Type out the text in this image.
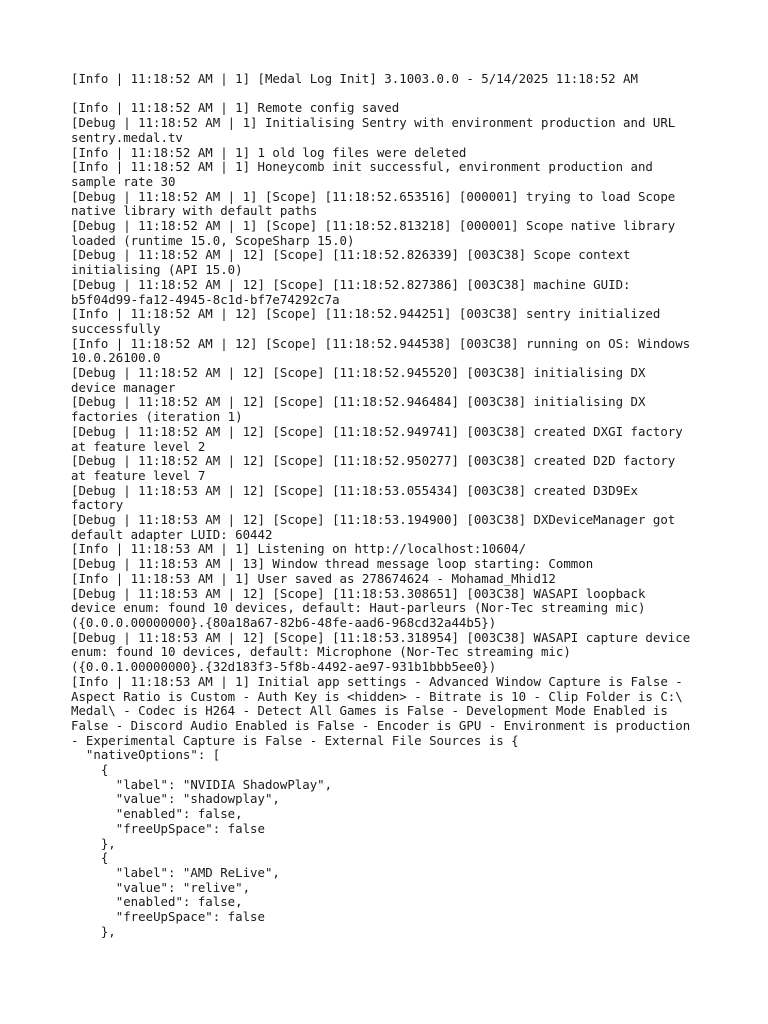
[Info | 11:18:52 AM | 1] [Medal Log Init] 3.1003.0.0 - 5/14/2025 11:18:52 AM
[Info | 11:18:52 AM | 1] Remote config saved
[Debug | 11:18:52 AM | 1] Initialising Sentry with environment production and URL
sentry.medal.tv
[Info | 11:18:52 AM | 1] 1 old log files were deleted
[Info | 11:18:52 AM | 1] Honeycomb init successful, environment production and
sample rate 30
[Debug | 11:18:52 AM | 1] [Scope] [11:18:52.653516] [000001] trying to load Scope
native library with default paths
[Debug | 11:18:52 AM | 1] [Scope] [11:18:52.813218] [000001] Scope native library
loaded (runtime 15.0, ScopeSharp 15.0)
[Debug | 11:18:52 AM | 12] [Scope] [11:18:52.826339] [003C38] Scope context
initialising (API 15.0)
[Debug | 11:18:52 AM | 12] [Scope] [11:18:52.827386] [003C38] machine GUID:
b5f04d99-fa12-4945-8c1d-bf7e74292c7a
[Info | 11:18:52 AM | 12] [Scope] [11:18:52.944251] [003C38] sentry initialized
successfully
[Info | 11:18:52 AM | 12] [Scope] [11:18:52.944538] [003C38] running on OS: Windows
10.0.26100.0
[Debug | 11:18:52 AM | 12] [Scope] [11:18:52.945520] [003C38] initialising DX
device manager
[Debug | 11:18:52 AM | 12] [Scope] [11:18:52.946484] [003C38] initialising DX
factories (iteration 1)
[Debug | 11:18:52 AM | 12] [Scope] [11:18:52.949741] [003C38] created DXGI factory
at feature level 2
[Debug | 11:18:52 AM | 12] [Scope] [11:18:52.950277] [003C38] created D2D factory
at feature level 7
[Debug | 11:18:53 AM | 12] [Scope] [11:18:53.055434] [003C38] created D3D9Ex
factory
[Debug | 11:18:53 AM | 12] [Scope] [11:18:53.194900] [003C38] DXDeviceManager got
default adapter LUID: 60442
[Info | 11:18:53 AM | 1] Listening on http://localhost:10604/
[Debug | 11:18:53 AM | 13] Window thread message loop starting: Common
[Info | 11:18:53 AM | 1] User saved as 278674624 - Mohamad_Mhid12
[Debug | 11:18:53 AM | 12] [Scope] [11:18:53.308651] [003C38] WASAPI loopback
device enum: found 10 devices, default: Haut-parleurs (Nor-Tec streaming mic)
({0.0.0.00000000}.{80a18a67-82b6-48fe-aad6-968cd32a44b5})
[Debug | 11:18:53 AM | 12] [Scope] [11:18:53.318954] [003C38] WASAPI capture device
enum: found 10 devices, default: Microphone (Nor-Tec streaming mic)
({0.0.1.00000000}.{32d183f3-5f8b-4492-ae97-931b1bbb5ee0})
[Info | 11:18:53 AM | 1] Initial app settings - Advanced Window Capture is False -
Aspect Ratio is Custom - Auth Key is <hidden> - Bitrate is 10 - Clip Folder is C:\
Medal\ - Codec is H264 - Detect All Games is False - Development Mode Enabled is
False - Discord Audio Enabled is False - Encoder is GPU - Environment is production
- Experimental Capture is False - External File Sources is {
"nativeOptions": [
{
"label": "NVIDIA ShadowPlay",
"value": "shadowplay",
"enabled": false,
"freeUpSpace": false
},
{
"label": "AMD ReLive",
"value": "relive",
"enabled": false,
"freeUpSpace": false
},
